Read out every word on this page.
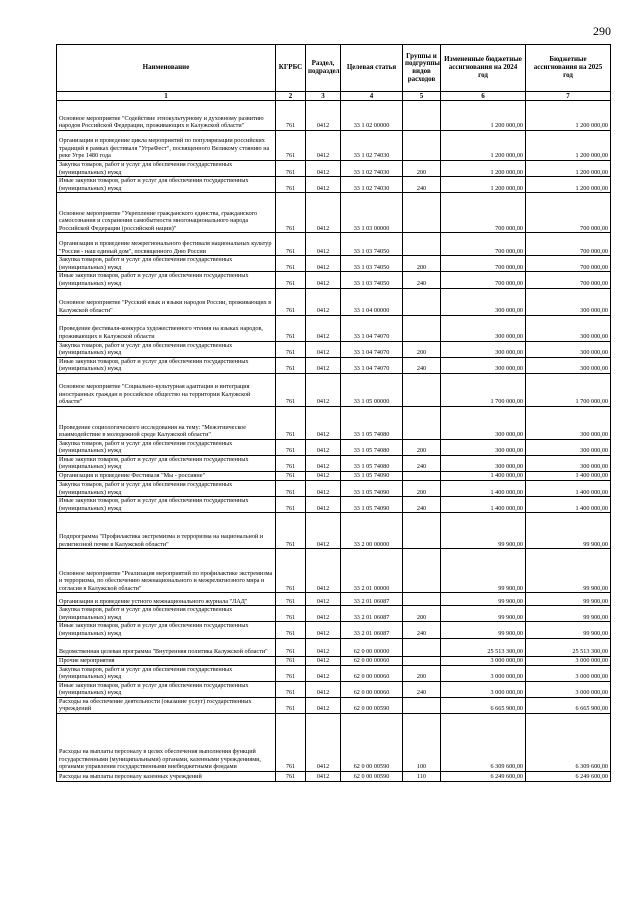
290
Наименование	КГРБС	Раздел, подраздел	Целевая статья	Группы и подгруппы видов расходов	Измененные бюджетные ассигнования на 2024 год	Бюджетные ассигнования на 2025 год
1	2	3	4	5	6	7
Основное мероприятие "Содействие этнокультурному и духовному развитию народов Российской Федерации, проживающих в Калужской области"	761	0412	33 1 02 00000		1 200 000,00	1 200 000,00
Организация и проведение цикла мероприятий по популяризации российских традиций в рамках фестиваля "УграФест", посвященного Великому стоянию на реке Угре 1480 года	761	0412	33 1 02 74030		1 200 000,00	1 200 000,00
Закупка товаров, работ и услуг для обеспечения государственных (муниципальных) нужд	761	0412	33 1 02 74030	200	1 200 000,00	1 200 000,00
Иные закупки товаров, работ и услуг для обеспечения государственных (муниципальных) нужд	761	0412	33 1 02 74030	240	1 200 000,00	1 200 000,00
Основное мероприятие "Укрепление гражданского единства, гражданского самосознания и сохранения самобытности многонационального народа Российской Федерации (российской нации)"	761	0412	33 1 03 00000		700 000,00	700 000,00
Организация и проведение межрегионального фестиваля национальных культур "Россия - наш единый дом", посвященного Дню России	761	0412	33 1 03 74050		700 000,00	700 000,00
Закупка товаров, работ и услуг для обеспечения государственных (муниципальных) нужд	761	0412	33 1 03 74050	200	700 000,00	700 000,00
Иные закупки товаров, работ и услуг для обеспечения государственных (муниципальных) нужд	761	0412	33 1 03 74050	240	700 000,00	700 000,00
Основное мероприятие "Русский язык и языки народов России, проживающих в Калужской области"	761	0412	33 1 04 00000		300 000,00	300 000,00
Проведение фестиваля-конкурса художественного чтения на языках народов, проживающих в Калужской области	761	0412	33 1 04 74070		300 000,00	300 000,00
Закупка товаров, работ и услуг для обеспечения государственных (муниципальных) нужд	761	0412	33 1 04 74070	200	300 000,00	300 000,00
Иные закупки товаров, работ и услуг для обеспечения государственных (муниципальных) нужд	761	0412	33 1 04 74070	240	300 000,00	300 000,00
Основное мероприятие "Социально-культурная адаптация и интеграция иностранных граждан в российское общество на территории Калужской области"	761	0412	33 1 05 00000		1 700 000,00	1 700 000,00
Проведение социологического исследования на тему: "Межэтническое взаимодействие в молодежной среде Калужской области"	761	0412	33 1 05 74080		300 000,00	300 000,00
Закупка товаров, работ и услуг для обеспечения государственных (муниципальных) нужд	761	0412	33 1 05 74080	200	300 000,00	300 000,00
Иные закупки товаров, работ и услуг для обеспечения государственных (муниципальных) нужд	761	0412	33 1 05 74080	240	300 000,00	300 000,00
Организация и проведение Фестиваля "Мы - россияне"	761	0412	33 1 05 74090		1 400 000,00	1 400 000,00
Закупка товаров, работ и услуг для обеспечения государственных (муниципальных) нужд	761	0412	33 1 05 74090	200	1 400 000,00	1 400 000,00
Иные закупки товаров, работ и услуг для обеспечения государственных (муниципальных) нужд	761	0412	33 1 05 74090	240	1 400 000,00	1 400 000,00
Подпрограмма "Профилактика экстремизма и терроризма на национальной и религиозной почве в Калужской области"	761	0412	33 2 00 00000		99 900,00	99 900,00
Основное мероприятие "Реализация мероприятий по профилактике экстремизма и терроризма, по обеспечению межнационального и межрелигиозного мира и согласия в Калужской области"	761	0412	33 2 01 00000		99 900,00	99 900,00
Организация и проведение устного межнационального журнала "ЛАД"	761	0412	33 2 01 06087		99 900,00	99 900,00
Закупка товаров, работ и услуг для обеспечения государственных (муниципальных) нужд	761	0412	33 2 01 06087	200	99 900,00	99 900,00
Иные закупки товаров, работ и услуг для обеспечения государственных (муниципальных) нужд	761	0412	33 2 01 06087	240	99 900,00	99 900,00
Ведомственная целевая программа "Внутренняя политика Калужской области"	761	0412	62 0 00 00000		25 513 300,00	25 513 300,00
Прочие мероприятия	761	0412	62 0 00 00060		3 000 000,00	3 000 000,00
Закупка товаров, работ и услуг для обеспечения государственных (муниципальных) нужд	761	0412	62 0 00 00060	200	3 000 000,00	3 000 000,00
Иные закупки товаров, работ и услуг для обеспечения государственных (муниципальных) нужд	761	0412	62 0 00 00060	240	3 000 000,00	3 000 000,00
Расходы на обеспечение деятельности (оказание услуг) государственных учреждений	761	0412	62 0 00 00590		6 665 900,00	6 665 900,00
Расходы на выплаты персоналу в целях обеспечения выполнения функций государственными (муниципальными) органами, казенными учреждениями, органами управления государственными внебюджетными фондами	761	0412	62 0 00 00590	100	6 309 600,00	6 309 600,00
Расходы на выплаты персоналу казенных учреждений	761	0412	62 0 00 00590	110	6 249 600,00	6 249 600,00
